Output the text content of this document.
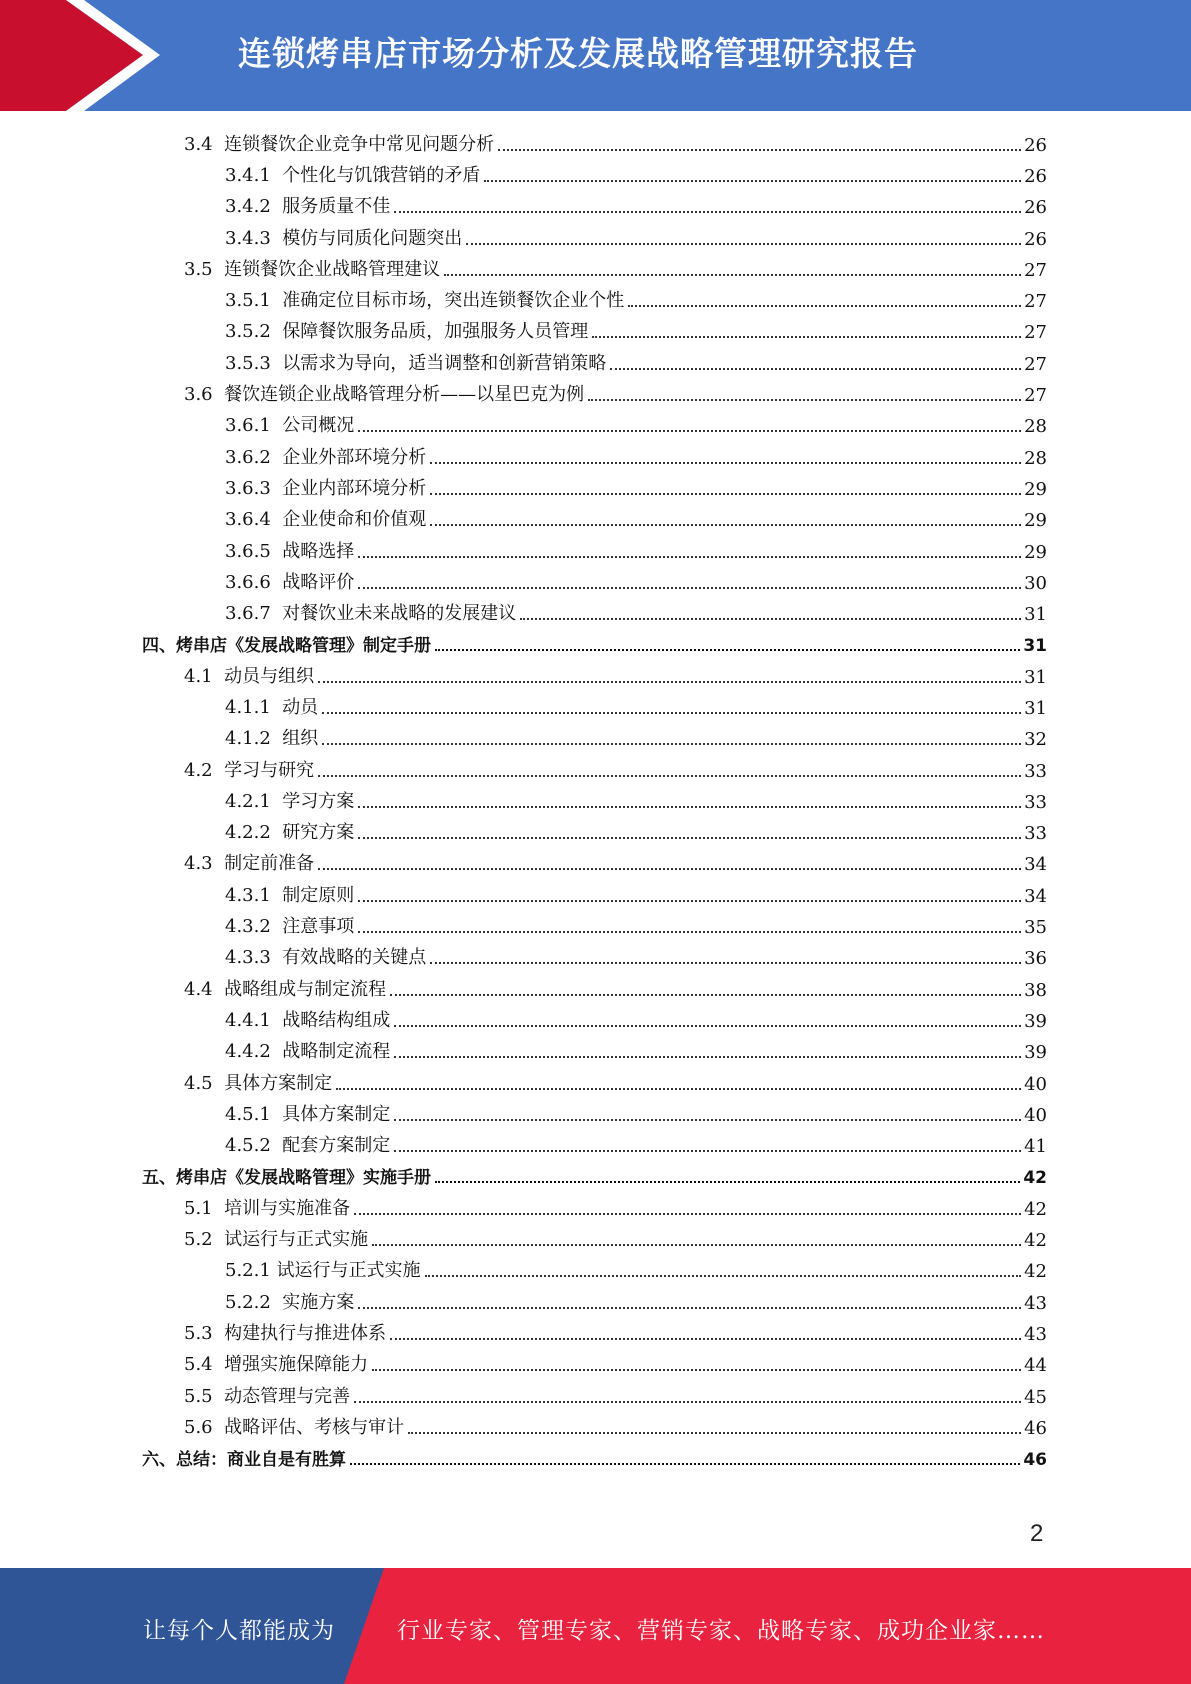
连锁烤串店市场分析及发展战略管理研究报告
3.4  连锁餐饮企业竞争中常见问题分析	26
3.4.1  个性化与饥饿营销的矛盾	26
3.4.2  服务质量不佳	26
3.4.3  模仿与同质化问题突出	26
3.5  连锁餐饮企业战略管理建议	27
3.5.1  准确定位目标市场，突出连锁餐饮企业个性	27
3.5.2  保障餐饮服务品质，加强服务人员管理	27
3.5.3  以需求为导向，适当调整和创新营销策略	27
3.6  餐饮连锁企业战略管理分析——以星巴克为例	27
3.6.1  公司概况	28
3.6.2  企业外部环境分析	28
3.6.3  企业内部环境分析	29
3.6.4  企业使命和价值观	29
3.6.5  战略选择	29
3.6.6  战略评价	30
3.6.7  对餐饮业未来战略的发展建议	31
四、烤串店《发展战略管理》制定手册	31
4.1  动员与组织	31
4.1.1  动员	31
4.1.2  组织	32
4.2  学习与研究	33
4.2.1  学习方案	33
4.2.2  研究方案	33
4.3  制定前准备	34
4.3.1  制定原则	34
4.3.2  注意事项	35
4.3.3  有效战略的关键点	36
4.4  战略组成与制定流程	38
4.4.1  战略结构组成	39
4.4.2  战略制定流程	39
4.5  具体方案制定	40
4.5.1  具体方案制定	40
4.5.2  配套方案制定	41
五、烤串店《发展战略管理》实施手册	42
5.1  培训与实施准备	42
5.2  试运行与正式实施	42
5.2.1 试运行与正式实施	42
5.2.2  实施方案	43
5.3  构建执行与推进体系	43
5.4  增强实施保障能力	44
5.5  动态管理与完善	45
5.6  战略评估、考核与审计	46
六、总结：商业自是有胜算	46
2
让每个人都能成为	行业专家、管理专家、营销专家、战略专家、成功企业家……
